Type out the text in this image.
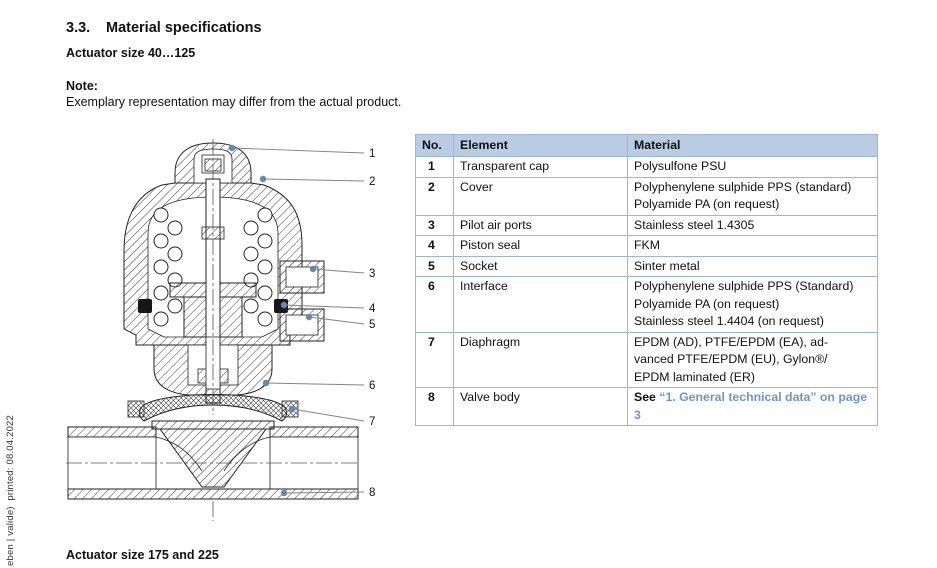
eben | valide)  printed: 08.04.2022
3.3. Material specifications
Actuator size 40…125
Note:
Exemplary representation may differ from the actual product.
1
2
3
4
5
6
7
8
No.	Element	Material
1	Transparent cap	Polysulfone PSU

2	Cover	Polyphenylene sulphide PPS (standard)
Polyamide PA (on request)

3	Pilot air ports	Stainless steel 1.4305

4	Piston seal	FKM

5	Socket	Sinter metal

6	Interface	Polyphenylene sulphide PPS (Standard)
Polyamide PA (on request)
Stainless steel 1.4404 (on request)

7	Diaphragm	EPDM (AD), PTFE/EPDM (EA), ad-
vanced PTFE/EPDM (EU), Gylon®/
EPDM laminated (ER)

8	Valve body	See “1. General technical data” on page 3
Actuator size 175 and 225
